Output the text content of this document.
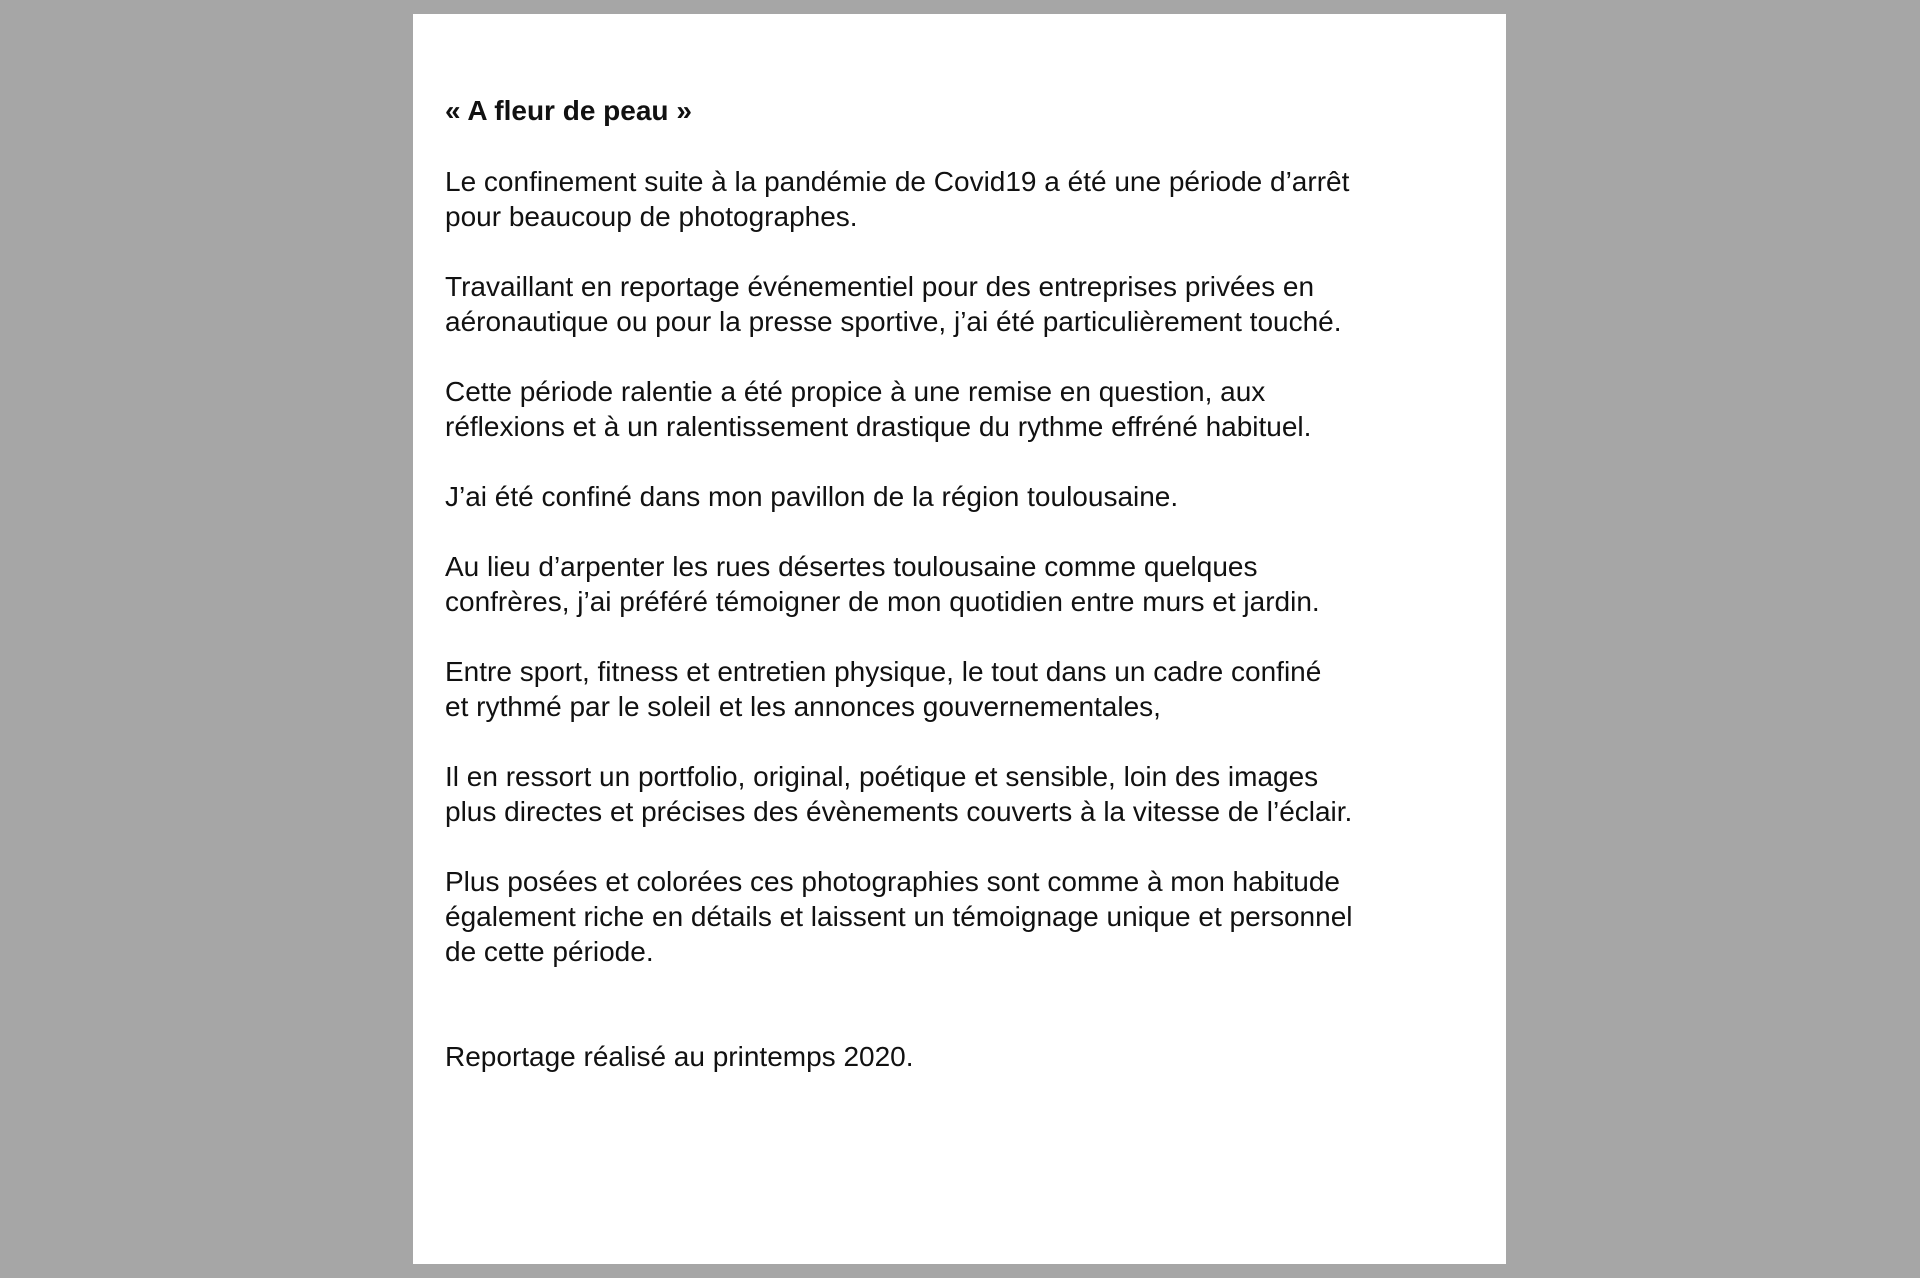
« A fleur de peau »
Le confinement suite à la pandémie de Covid19 a été une période d’arrêt
pour beaucoup de photographes.
Travaillant en reportage événementiel pour des entreprises privées en
aéronautique ou pour la presse sportive, j’ai été particulièrement touché.
Cette période ralentie a été propice à une remise en question, aux
réflexions et à un ralentissement drastique du rythme effréné habituel.
J’ai été confiné dans mon pavillon de la région toulousaine.
Au lieu d’arpenter les rues désertes toulousaine comme quelques
confrères, j’ai préféré témoigner de mon quotidien entre murs et jardin.
Entre sport, fitness et entretien physique, le tout dans un cadre confiné
et rythmé par le soleil et les annonces gouvernementales,
Il en ressort un portfolio, original, poétique et sensible, loin des images
plus directes et précises des évènements couverts à la vitesse de l’éclair.
Plus posées et colorées ces photographies sont comme à mon habitude
également riche en détails et laissent un témoignage unique et personnel
de cette période.
Reportage réalisé au printemps 2020.
